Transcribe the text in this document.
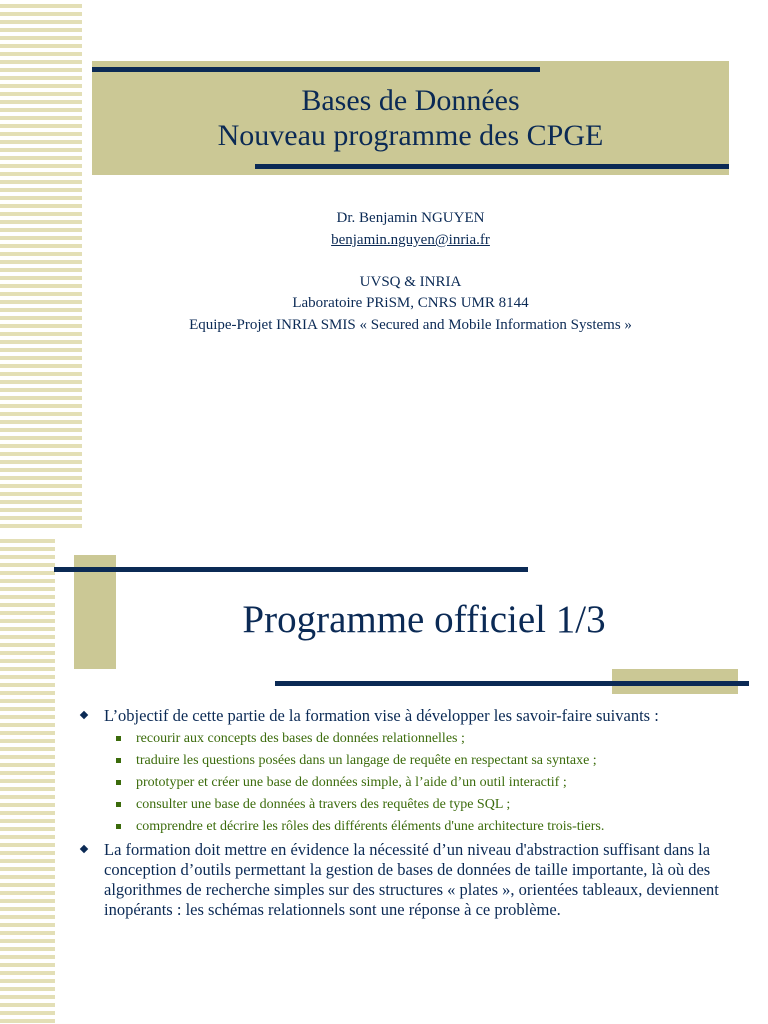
Bases de Données
Nouveau programme des CPGE
Dr. Benjamin NGUYEN
benjamin.nguyen@inria.fr
UVSQ & INRIA
Laboratoire PRiSM, CNRS UMR 8144
Equipe-Projet INRIA SMIS « Secured and Mobile Information Systems »
Programme officiel 1/3
L’objectif de cette partie de la formation vise à développer les savoir-faire suivants :
recourir aux concepts des bases de données relationnelles ;
traduire les questions posées dans un langage de requête en respectant sa syntaxe ;
prototyper et créer une base de données simple, à l’aide d’un outil interactif ;
consulter une base de données à travers des requêtes de type SQL ;
comprendre et décrire les rôles des différents éléments d'une architecture trois-tiers.
La formation doit mettre en évidence la nécessité d’un niveau d'abstraction suffisant dans la conception d’outils permettant la gestion de bases de données de taille importante, là où des algorithmes de recherche simples sur des structures « plates », orientées tableaux, deviennent inopérants : les schémas relationnels sont une réponse à ce problème.
